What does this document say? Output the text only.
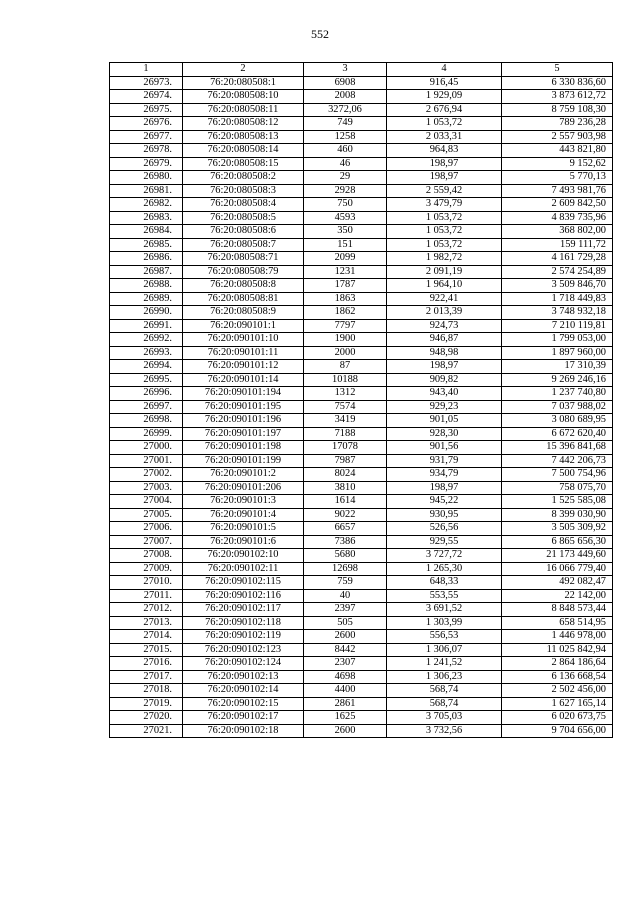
552
1	2	3	4	5
26973.	76:20:080508:1	6908	916,45	6 330 836,60
26974.	76:20:080508:10	2008	1 929,09	3 873 612,72
26975.	76:20:080508:11	3272,06	2 676,94	8 759 108,30
26976.	76:20:080508:12	749	1 053,72	789 236,28
26977.	76:20:080508:13	1258	2 033,31	2 557 903,98
26978.	76:20:080508:14	460	964,83	443 821,80
26979.	76:20:080508:15	46	198,97	9 152,62
26980.	76:20:080508:2	29	198,97	5 770,13
26981.	76:20:080508:3	2928	2 559,42	7 493 981,76
26982.	76:20:080508:4	750	3 479,79	2 609 842,50
26983.	76:20:080508:5	4593	1 053,72	4 839 735,96
26984.	76:20:080508:6	350	1 053,72	368 802,00
26985.	76:20:080508:7	151	1 053,72	159 111,72
26986.	76:20:080508:71	2099	1 982,72	4 161 729,28
26987.	76:20:080508:79	1231	2 091,19	2 574 254,89
26988.	76:20:080508:8	1787	1 964,10	3 509 846,70
26989.	76:20:080508:81	1863	922,41	1 718 449,83
26990.	76:20:080508:9	1862	2 013,39	3 748 932,18
26991.	76:20:090101:1	7797	924,73	7 210 119,81
26992.	76:20:090101:10	1900	946,87	1 799 053,00
26993.	76:20:090101:11	2000	948,98	1 897 960,00
26994.	76:20:090101:12	87	198,97	17 310,39
26995.	76:20:090101:14	10188	909,82	9 269 246,16
26996.	76:20:090101:194	1312	943,40	1 237 740,80
26997.	76:20:090101:195	7574	929,23	7 037 988,02
26998.	76:20:090101:196	3419	901,05	3 080 689,95
26999.	76:20:090101:197	7188	928,30	6 672 620,40
27000.	76:20:090101:198	17078	901,56	15 396 841,68
27001.	76:20:090101:199	7987	931,79	7 442 206,73
27002.	76:20:090101:2	8024	934,79	7 500 754,96
27003.	76:20:090101:206	3810	198,97	758 075,70
27004.	76:20:090101:3	1614	945,22	1 525 585,08
27005.	76:20:090101:4	9022	930,95	8 399 030,90
27006.	76:20:090101:5	6657	526,56	3 505 309,92
27007.	76:20:090101:6	7386	929,55	6 865 656,30
27008.	76:20:090102:10	5680	3 727,72	21 173 449,60
27009.	76:20:090102:11	12698	1 265,30	16 066 779,40
27010.	76:20:090102:115	759	648,33	492 082,47
27011.	76:20:090102:116	40	553,55	22 142,00
27012.	76:20:090102:117	2397	3 691,52	8 848 573,44
27013.	76:20:090102:118	505	1 303,99	658 514,95
27014.	76:20:090102:119	2600	556,53	1 446 978,00
27015.	76:20:090102:123	8442	1 306,07	11 025 842,94
27016.	76:20:090102:124	2307	1 241,52	2 864 186,64
27017.	76:20:090102:13	4698	1 306,23	6 136 668,54
27018.	76:20:090102:14	4400	568,74	2 502 456,00
27019.	76:20:090102:15	2861	568,74	1 627 165,14
27020.	76:20:090102:17	1625	3 705,03	6 020 673,75
27021.	76:20:090102:18	2600	3 732,56	9 704 656,00
